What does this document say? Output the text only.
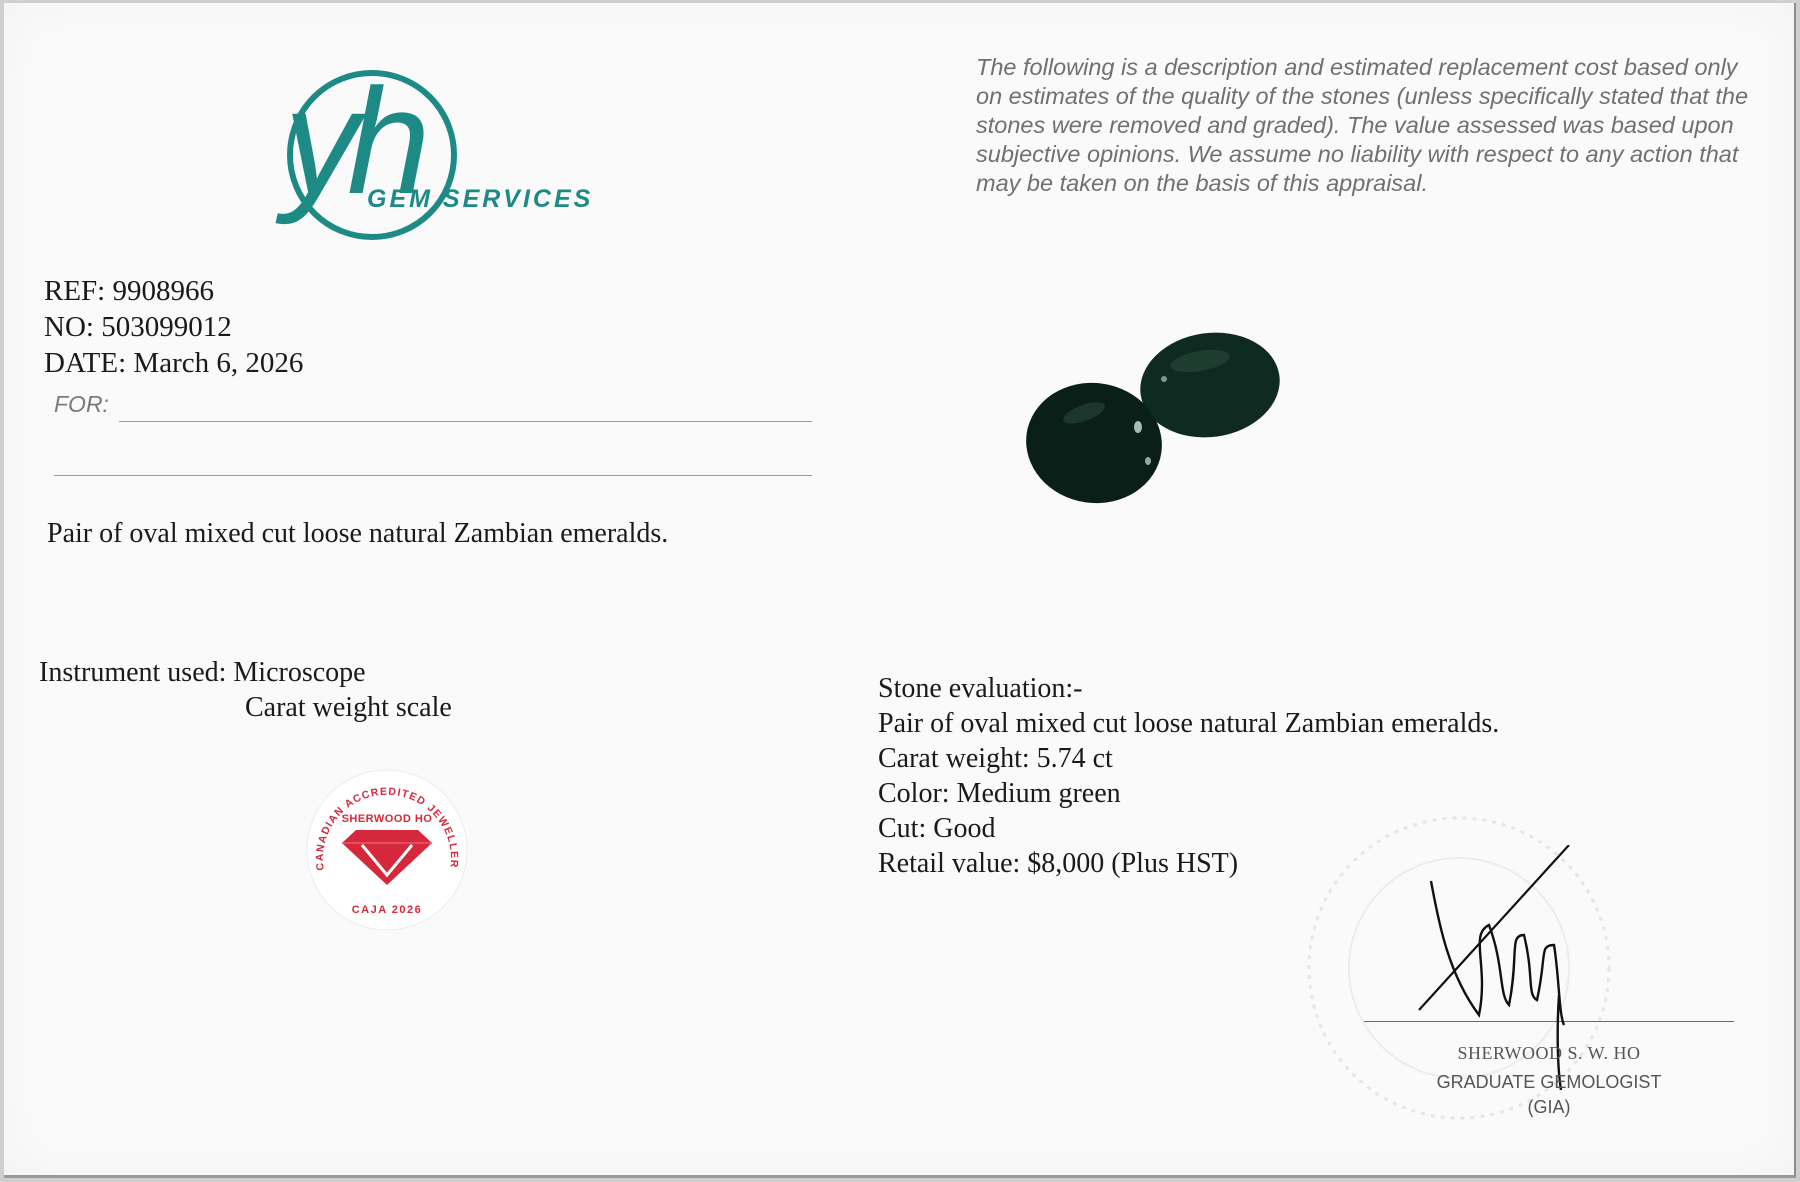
yh
GEM SERVICES
The following is a description and estimated replacement cost based only on estimates of the quality of the stones (unless specifically stated that the stones were removed and graded). The value assessed was based upon subjective opinions. We assume no liability with respect to any action that may be taken on the basis of this appraisal.
REF: 9908966
NO: 503099012
DATE: March 6, 2026
FOR:
Pair of oval mixed cut loose natural Zambian emeralds.
Instrument used: Microscope
Carat weight scale
CANADIAN ACCREDITED JEWELLER
SHERWOOD HO
CAJA 2026
Stone evaluation:-
Pair of oval mixed cut loose natural Zambian emeralds.
Carat weight: 5.74 ct
Color: Medium green
Cut: Good
Retail value: $8,000 (Plus HST)
SHERWOOD S. W. HO
GRADUATE GEMOLOGIST
(GIA)
